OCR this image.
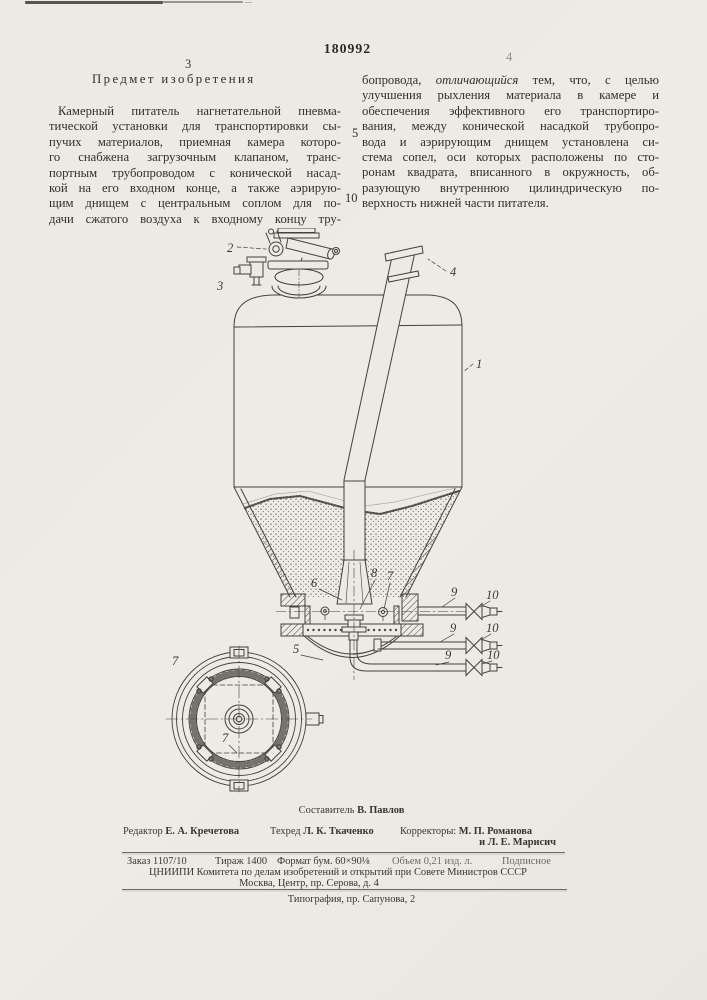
180992
3	4
Предмет изобретения
Камерный питатель нагнетательной пневма-
тической установки для транспортировки сы-
пучих материалов, приемная камера которо-
го снабжена загрузочным клапаном, транс-
портным трубопроводом с конической насад-
кой на его входном конце, а также аэрирую-
щим днищем с центральным соплом для по-
дачи сжатого воздуха к входному концу тру-
бопровода, отличающийся тем, что, с целью
улучшения рыхления материала в камере и
обеспечения эффективного его транспортиро-
вания, между конической насадкой трубопро-
вода и аэрирующим днищем установлена си-
стема сопел, оси которых расположены по сто-
ронам квадрата, вписанного в окружность, об-
разующую внутреннюю цилиндрическую по-
верхность нижней части питателя.
5
10
1
2
3
4
5
6
8 7
9 10
9 10
9	10
7
7
Составитель В. Павлов
Редактор Е. А. Кречетова	Техред Л. К. Ткаченко	Корректоры: М. П. Романова
и Л. Е. Марисич
Заказ 1107/10	Тираж 1400 Формат бум. 60×90⅛ Объем 0,21 изд. л.	Подписное
ЦНИИПИ Комитета по делам изобретений и открытий при Совете Министров СССР
Москва, Центр, пр. Серова, д. 4
Типография, пр. Сапунова, 2
